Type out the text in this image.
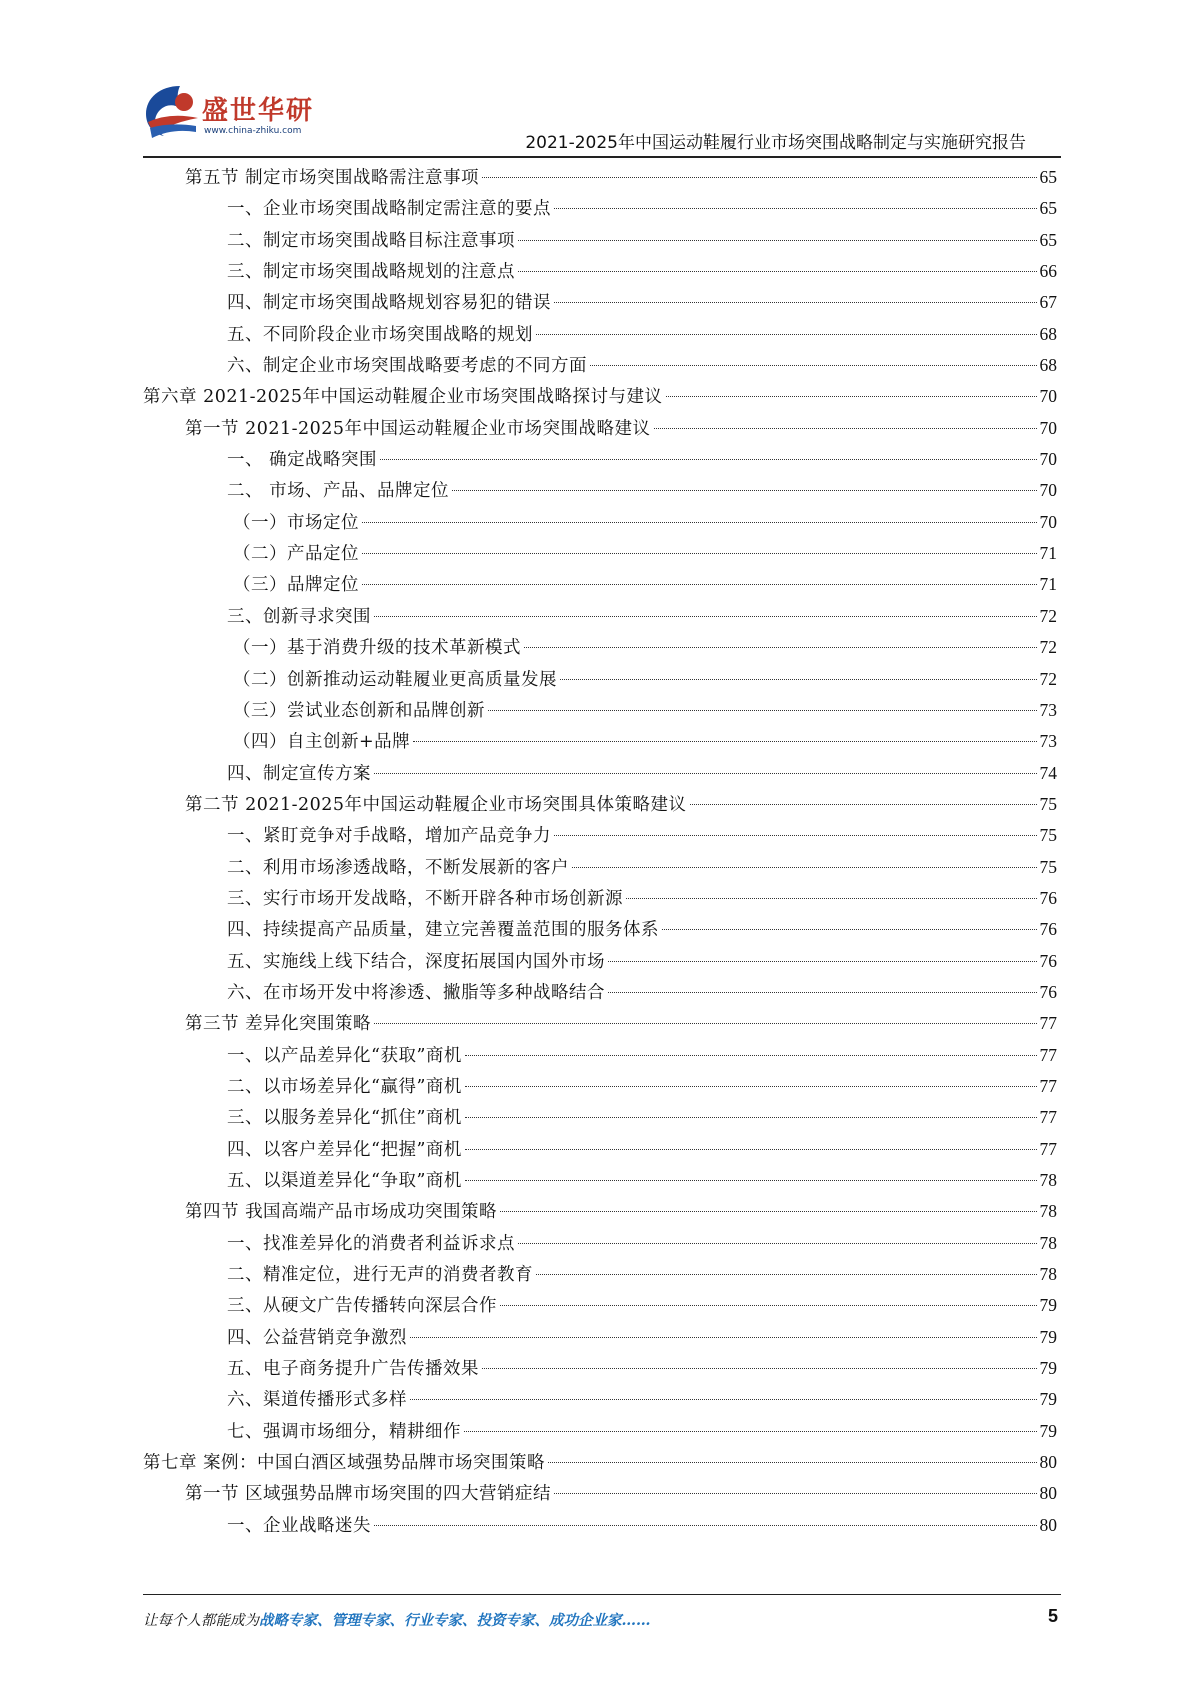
盛世华研
www.china-zhiku.com
2021-2025年中国运动鞋履行业市场突围战略制定与实施研究报告
第五节 制定市场突围战略需注意事项	65
一、企业市场突围战略制定需注意的要点	65
二、制定市场突围战略目标注意事项	65
三、制定市场突围战略规划的注意点	66
四、制定市场突围战略规划容易犯的错误	67
五、不同阶段企业市场突围战略的规划	68
六、制定企业市场突围战略要考虑的不同方面	68
第六章 2021-2025年中国运动鞋履企业市场突围战略探讨与建议	70
第一节 2021-2025年中国运动鞋履企业市场突围战略建议	70
一、 确定战略突围	70
二、 市场、产品、品牌定位	70
（一）市场定位	70
（二）产品定位	71
（三）品牌定位	71
三、创新寻求突围	72
（一）基于消费升级的技术革新模式	72
（二）创新推动运动鞋履业更高质量发展	72
（三）尝试业态创新和品牌创新	73
（四）自主创新+品牌	73
四、制定宣传方案	74
第二节 2021-2025年中国运动鞋履企业市场突围具体策略建议	75
一、紧盯竞争对手战略，增加产品竞争力	75
二、利用市场渗透战略，不断发展新的客户	75
三、实行市场开发战略，不断开辟各种市场创新源	76
四、持续提高产品质量，建立完善覆盖范围的服务体系	76
五、实施线上线下结合，深度拓展国内国外市场	76
六、在市场开发中将渗透、撇脂等多种战略结合	76
第三节 差异化突围策略	77
一、以产品差异化“获取”商机	77
二、以市场差异化“赢得”商机	77
三、以服务差异化“抓住”商机	77
四、以客户差异化“把握”商机	77
五、以渠道差异化“争取”商机	78
第四节 我国高端产品市场成功突围策略	78
一、找准差异化的消费者利益诉求点	78
二、精准定位，进行无声的消费者教育	78
三、从硬文广告传播转向深层合作	79
四、公益营销竞争激烈	79
五、电子商务提升广告传播效果	79
六、渠道传播形式多样	79
七、强调市场细分，精耕细作	79
第七章 案例：中国白酒区域强势品牌市场突围策略	80
第一节 区域强势品牌市场突围的四大营销症结	80
一、企业战略迷失	80
让每个人都能成为战略专家、管理专家、行业专家、投资专家、成功企业家……	5
